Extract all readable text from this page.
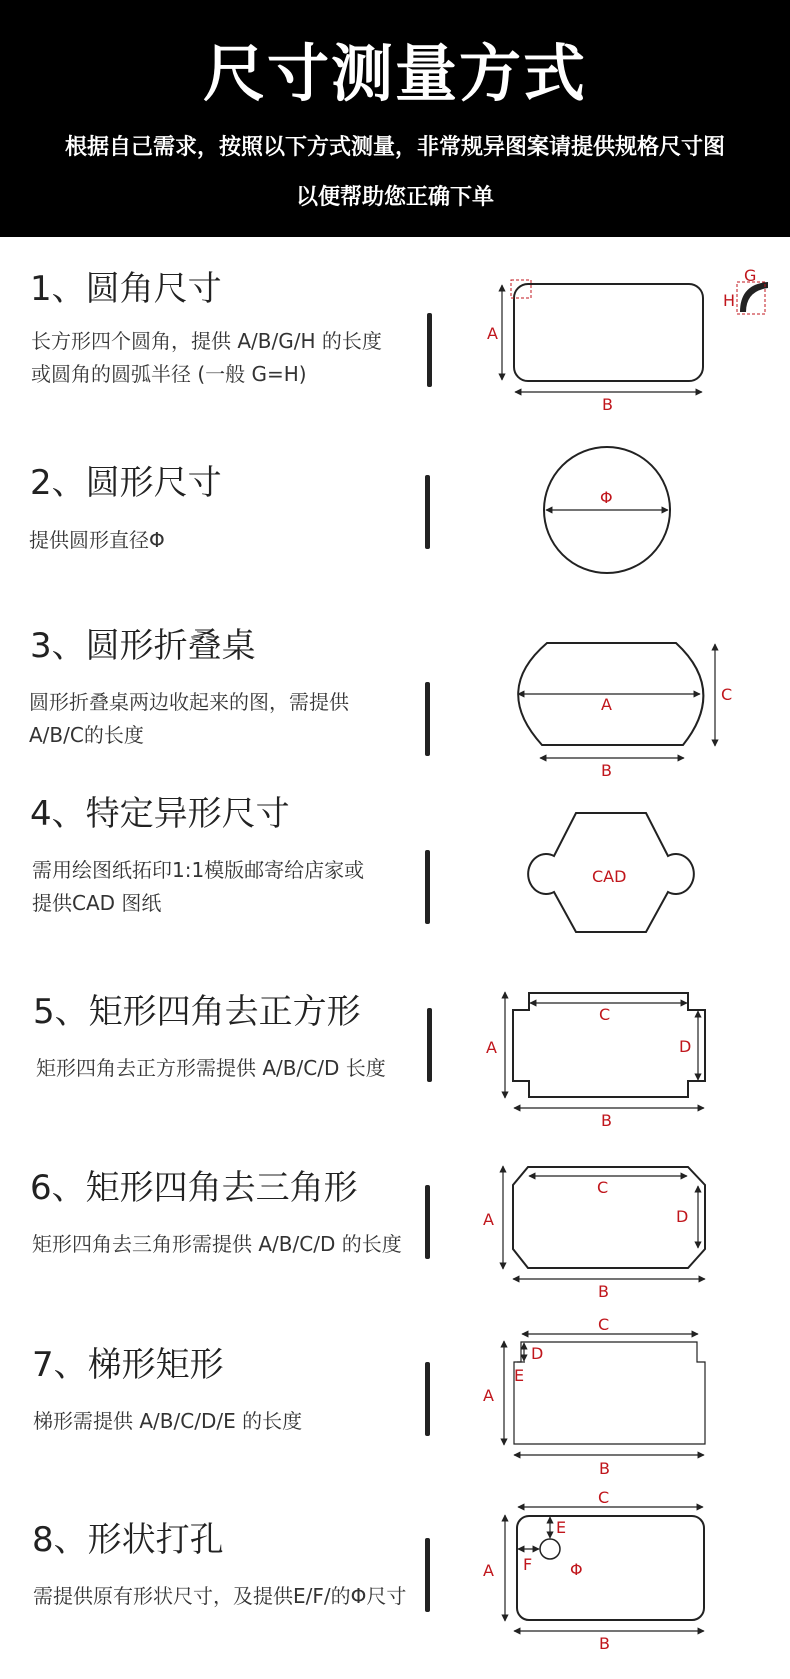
尺寸测量方式
根据自己需求，按照以下方式测量，非常规异图案请提供规格尺寸图
以便帮助您正确下单
1、圆角尺寸
长方形四个圆角，提供 A/B/G/H 的长度
或圆角的圆弧半径 (一般 G=H)
2、圆形尺寸
提供圆形直径Φ
3、圆形折叠桌
圆形折叠桌两边收起来的图，需提供
A/B/C的长度
4、特定异形尺寸
需用绘图纸拓印1:1模版邮寄给店家或
提供CAD 图纸
5、矩形四角去正方形
矩形四角去正方形需提供 A/B/C/D 长度
6、矩形四角去三角形
矩形四角去三角形需提供 A/B/C/D 的长度
7、梯形矩形
梯形需提供 A/B/C/D/E 的长度
8、形状打孔
需提供原有形状尺寸，及提供E/F/的Φ尺寸
A
B
G
H
Φ
A
B
C
CAD
A
B
C
D
A
B
C
D
A
B
C
D
E
A
B
C
E
F Φ
